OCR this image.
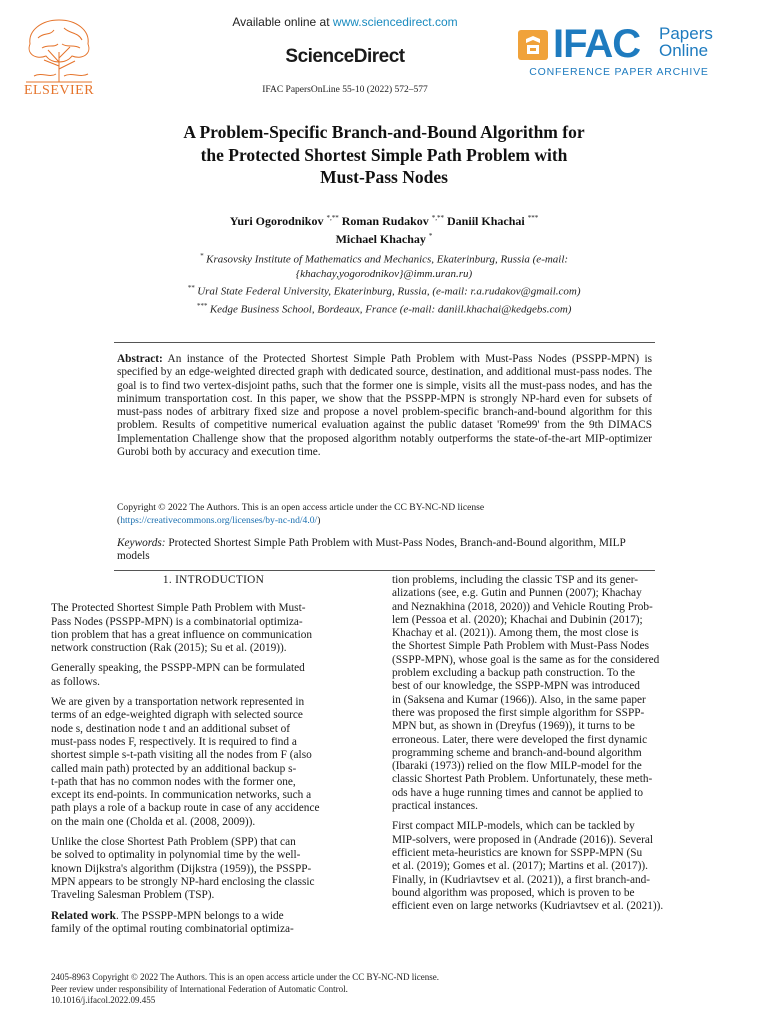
ELSEVIER
Available online at www.sciencedirect.com
ScienceDirect
IFAC PapersOnLine 55-10 (2022) 572–577
IFAC Papers
Online
CONFERENCE PAPER ARCHIVE
A Problem-Specific Branch-and-Bound Algorithm for the Protected Shortest Simple Path Problem with Must-Pass Nodes
Yuri Ogorodnikov *,** Roman Rudakov *,** Daniil Khachai ***
Michael Khachay *
* Krasovsky Institute of Mathematics and Mechanics, Ekaterinburg, Russia (e-mail: {khachay,yogorodnikov}@imm.uran.ru)
** Ural State Federal University, Ekaterinburg, Russia, (e-mail: r.a.rudakov@gmail.com)
*** Kedge Business School, Bordeaux, France (e-mail: daniil.khachai@kedgebs.com)
Abstract: An instance of the Protected Shortest Simple Path Problem with Must-Pass Nodes (PSSPP-MPN) is specified by an edge-weighted directed graph with dedicated source, destination, and additional must-pass nodes. The goal is to find two vertex-disjoint paths, such that the former one is simple, visits all the must-pass nodes, and has the minimum transportation cost. In this paper, we show that the PSSPP-MPN is strongly NP-hard even for subsets of must-pass nodes of arbitrary fixed size and propose a novel problem-specific branch-and-bound algorithm for this problem. Results of competitive numerical evaluation against the public dataset 'Rome99' from the 9th DIMACS Implementation Challenge show that the proposed algorithm notably outperforms the state-of-the-art MIP-optimizer Gurobi both by accuracy and execution time.
Copyright © 2022 The Authors. This is an open access article under the CC BY-NC-ND license
(https://creativecommons.org/licenses/by-nc-nd/4.0/)
Keywords: Protected Shortest Simple Path Problem with Must-Pass Nodes, Branch-and-Bound algorithm, MILP models
1. INTRODUCTION

The Protected Shortest Simple Path Problem with Must-
Pass Nodes (PSSPP-MPN) is a combinatorial optimiza-
tion problem that has a great influence on communication
network construction (Rak (2015); Su et al. (2019)).

Generally speaking, the PSSPP-MPN can be formulated
as follows.

We are given by a transportation network represented in
terms of an edge-weighted digraph with selected source
node s, destination node t and an additional subset of
must-pass nodes F, respectively. It is required to find a
shortest simple s-t-path visiting all the nodes from F (also
called main path) protected by an additional backup s-
t-path that has no common nodes with the former one,
except its end-points. In communication networks, such a
path plays a role of a backup route in case of any accidence
on the main one (Cholda et al. (2008, 2009)).

Unlike the close Shortest Path Problem (SPP) that can
be solved to optimality in polynomial time by the well-
known Dijkstra's algorithm (Dijkstra (1959)), the PSSPP-
MPN appears to be strongly NP-hard enclosing the classic
Traveling Salesman Problem (TSP).

Related work. The PSSPP-MPN belongs to a wide
family of the optimal routing combinatorial optimiza-

tion problems, including the classic TSP and its gener-
alizations (see, e.g. Gutin and Punnen (2007); Khachay
and Neznakhina (2018, 2020)) and Vehicle Routing Prob-
lem (Pessoa et al. (2020); Khachai and Dubinin (2017);
Khachay et al. (2021)). Among them, the most close is
the Shortest Simple Path Problem with Must-Pass Nodes
(SSPP-MPN), whose goal is the same as for the considered
problem excluding a backup path construction. To the
best of our knowledge, the SSPP-MPN was introduced
in (Saksena and Kumar (1966)). Also, in the same paper
there was proposed the first simple algorithm for SSPP-
MPN but, as shown in (Dreyfus (1969)), it turns to be
erroneous. Later, there were developed the first dynamic
programming scheme and branch-and-bound algorithm
(Ibaraki (1973)) relied on the flow MILP-model for the
classic Shortest Path Problem. Unfortunately, these meth-
ods have a huge running times and cannot be applied to
practical instances.

First compact MILP-models, which can be tackled by
MIP-solvers, were proposed in (Andrade (2016)). Several
efficient meta-heuristics are known for SSPP-MPN (Su
et al. (2019); Gomes et al. (2017); Martins et al. (2017)).
Finally, in (Kudriavtsev et al. (2021)), a first branch-and-
bound algorithm was proposed, which is proven to be
efficient even on large networks (Kudriavtsev et al. (2021)).

2405-8963 Copyright © 2022 The Authors. This is an open access article under the CC BY-NC-ND license.
Peer review under responsibility of International Federation of Automatic Control.
10.1016/j.ifacol.2022.09.455
